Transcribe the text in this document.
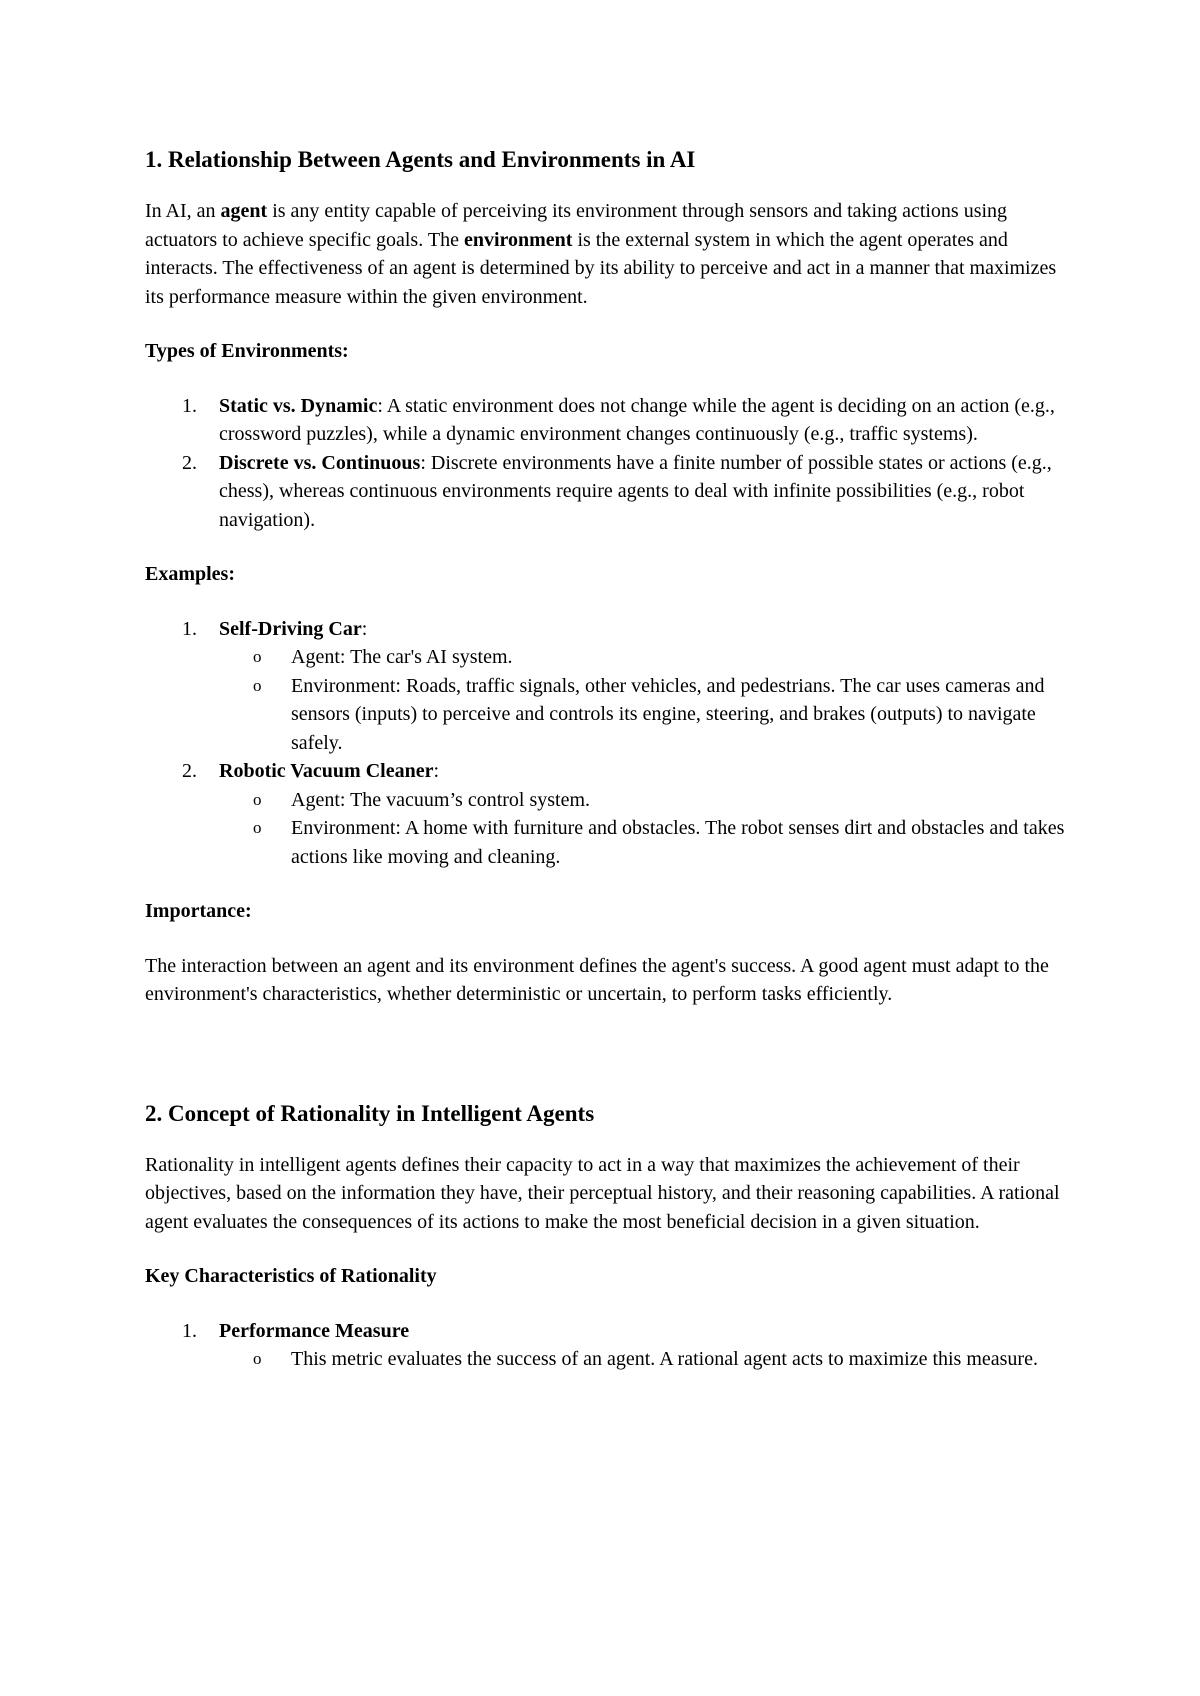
1. Relationship Between Agents and Environments in AI

In AI, an agent is any entity capable of perceiving its environment through sensors and taking actions using actuators to achieve specific goals. The environment is the external system in which the agent operates and interacts. The effectiveness of an agent is determined by its ability to perceive and act in a manner that maximizes its performance measure within the given environment.

Types of Environments:
1. Static vs. Dynamic: A static environment does not change while the agent is deciding on an action (e.g., crossword puzzles), while a dynamic environment changes continuously (e.g., traffic systems).
2. Discrete vs. Continuous: Discrete environments have a finite number of possible states or actions (e.g., chess), whereas continuous environments require agents to deal with infinite possibilities (e.g., robot navigation).
Examples:
1. Self-Driving Car:
o Agent: The car's AI system.
o Environment: Roads, traffic signals, other vehicles, and pedestrians. The car uses cameras and sensors (inputs) to perceive and controls its engine, steering, and brakes (outputs) to navigate safely.
2. Robotic Vacuum Cleaner:
o Agent: The vacuum’s control system.
o Environment: A home with furniture and obstacles. The robot senses dirt and obstacles and takes actions like moving and cleaning.
Importance:

The interaction between an agent and its environment defines the agent's success. A good agent must adapt to the environment's characteristics, whether deterministic or uncertain, to perform tasks efficiently.

2. Concept of Rationality in Intelligent Agents

Rationality in intelligent agents defines their capacity to act in a way that maximizes the achievement of their objectives, based on the information they have, their perceptual history, and their reasoning capabilities. A rational agent evaluates the consequences of its actions to make the most beneficial decision in a given situation.

Key Characteristics of Rationality
1. Performance Measure
o This metric evaluates the success of an agent. A rational agent acts to maximize this measure.
